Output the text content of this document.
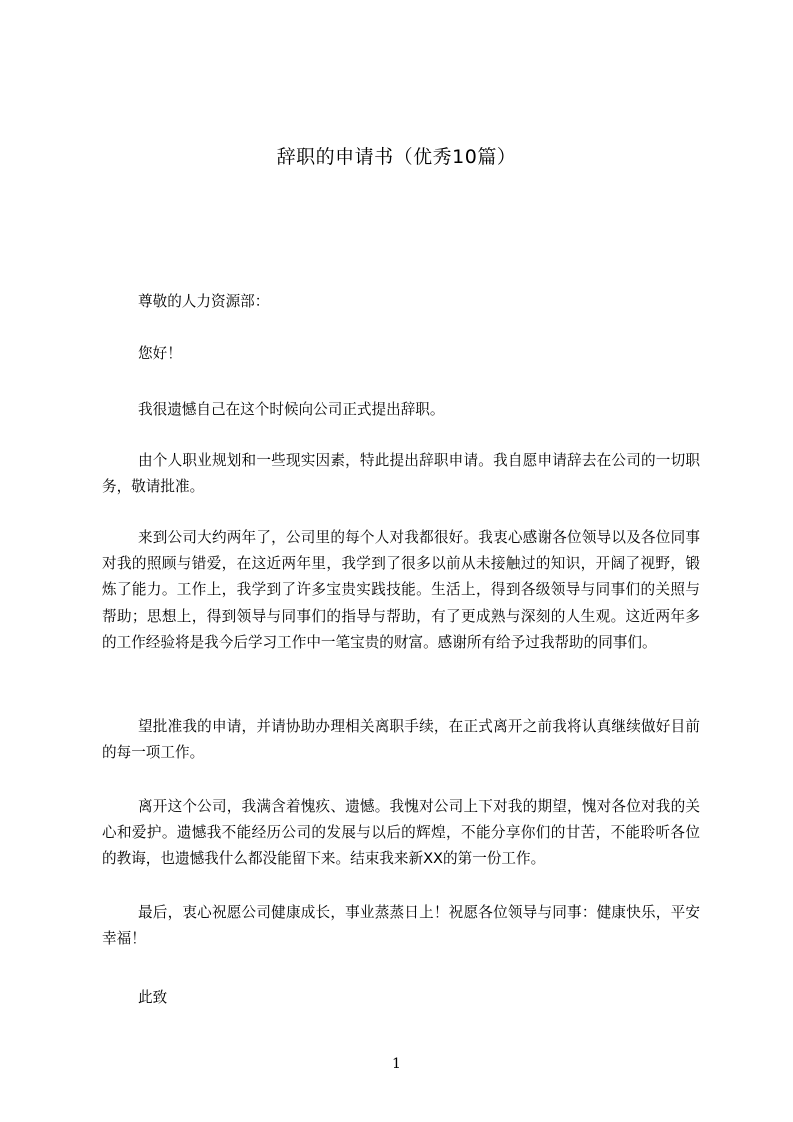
辞职的申请书（优秀10篇）
尊敬的人力资源部：
您好！
我很遗憾自己在这个时候向公司正式提出辞职。
由个人职业规划和一些现实因素，特此提出辞职申请。我自愿申请辞去在公司的一切职务，敬请批准。
来到公司大约两年了，公司里的每个人对我都很好。我衷心感谢各位领导以及各位同事对我的照顾与错爱，在这近两年里，我学到了很多以前从未接触过的知识，开阔了视野，锻炼了能力。工作上，我学到了许多宝贵实践技能。生活上，得到各级领导与同事们的关照与帮助；思想上，得到领导与同事们的指导与帮助，有了更成熟与深刻的人生观。这近两年多的工作经验将是我今后学习工作中一笔宝贵的财富。感谢所有给予过我帮助的同事们。
望批准我的申请，并请协助办理相关离职手续，在正式离开之前我将认真继续做好目前的每一项工作。
离开这个公司，我满含着愧疚、遗憾。我愧对公司上下对我的期望，愧对各位对我的关心和爱护。遗憾我不能经历公司的发展与以后的辉煌，不能分享你们的甘苦，不能聆听各位的教诲，也遗憾我什么都没能留下来。结束我来新XX的第一份工作。
最后，衷心祝愿公司健康成长，事业蒸蒸日上！祝愿各位领导与同事：健康快乐，平安幸福！
此致
1
